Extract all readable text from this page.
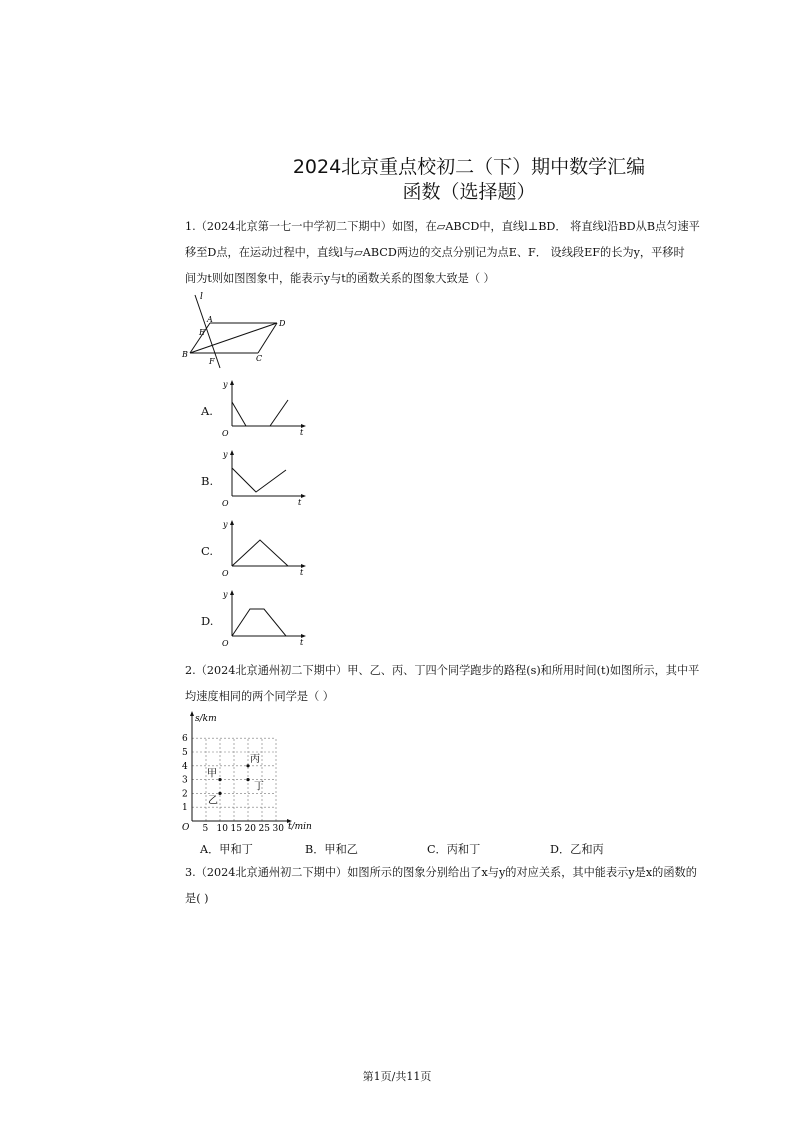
2024北京重点校初二（下）期中数学汇编
函数（选择题）

1.（2024北京第一七一中学初二下期中）如图，在▱ABCD中，直线l⊥BD． 将直线l沿BD从B点匀速平

移至D点，在运动过程中，直线l与▱ABCD两边的交点分别记为点E、F． 设线段EF的长为y，平移时

间为t则如图图象中，能表示y与t的函数关系的图象大致是（ ）

l
A	D
E
B
F	C
A.
y
t
O
B.
y
t
O
C.
y
t
O
D.
y
t
O

2.（2024北京通州初二下期中）甲、乙、丙、丁四个同学跑步的路程(s)和所用时间(t)如图所示，其中平

均速度相同的两个同学是（ ）

s/km
t/min
O 5 10 15 20 25 30
1
2
3
4
5
6
甲
乙
丙
丁
A．甲和丁	B．甲和乙	C．丙和丁	D．乙和丙

3.（2024北京通州初二下期中）如图所示的图象分别给出了x与y的对应关系，其中能表示y是x的函数的

是( )

第1页/共11页
